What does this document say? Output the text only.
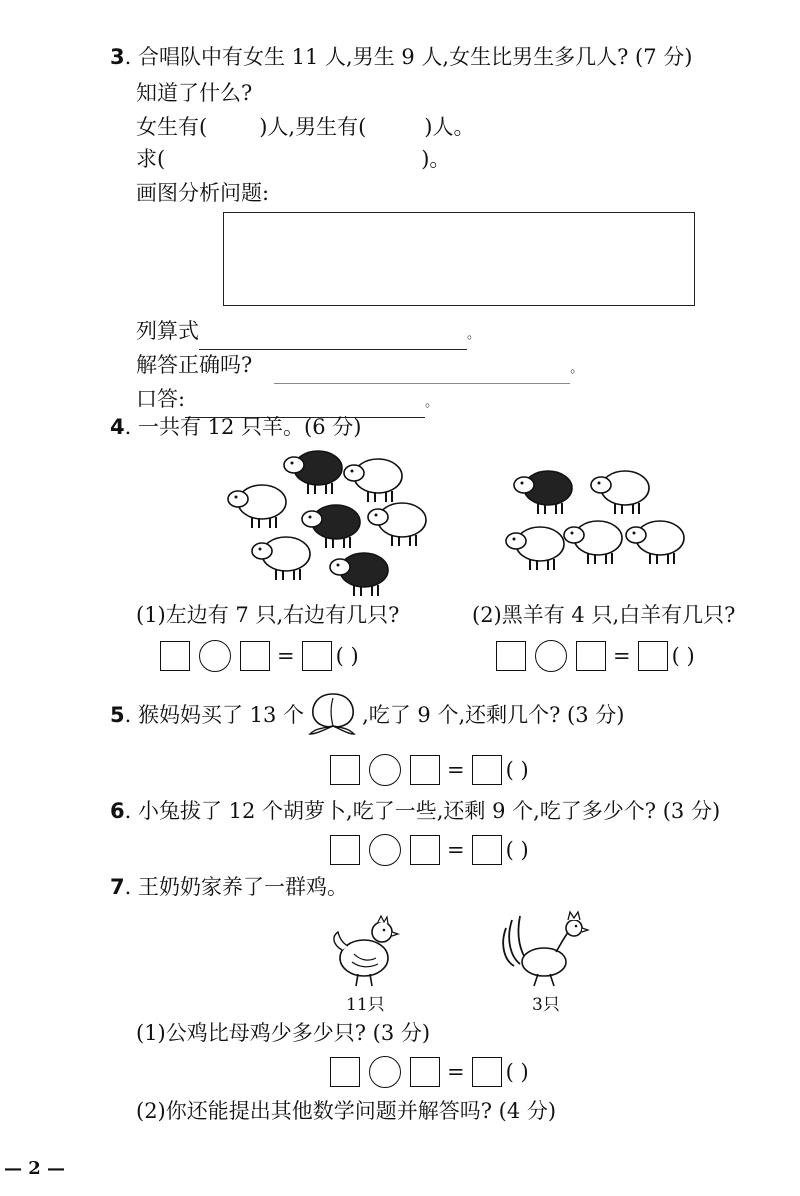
3. 合唱队中有女生 11 人,男生 9 人,女生比男生多几人? (7 分)
知道了什么?
女生有( )人,男生有(	)人。
求(	)。
画图分析问题:
列算式	。
解答正确吗?	。
口答:	。
4. 一共有 12 只羊。(6 分)
(1)左边有 7 只,右边有几只?	(2)黑羊有 4 只,白羊有几只?
= ( )	= ( )
5. 猴妈妈买了 13 个	,吃了 9 个,还剩几个? (3 分)
= ( )
6. 小兔拔了 12 个胡萝卜,吃了一些,还剩 9 个,吃了多少个? (3 分)
= ( )
7. 王奶奶家养了一群鸡。
11只	3只
(1)公鸡比母鸡少多少只? (3 分)
= ( )
(2)你还能提出其他数学问题并解答吗? (4 分)
— 2 —
